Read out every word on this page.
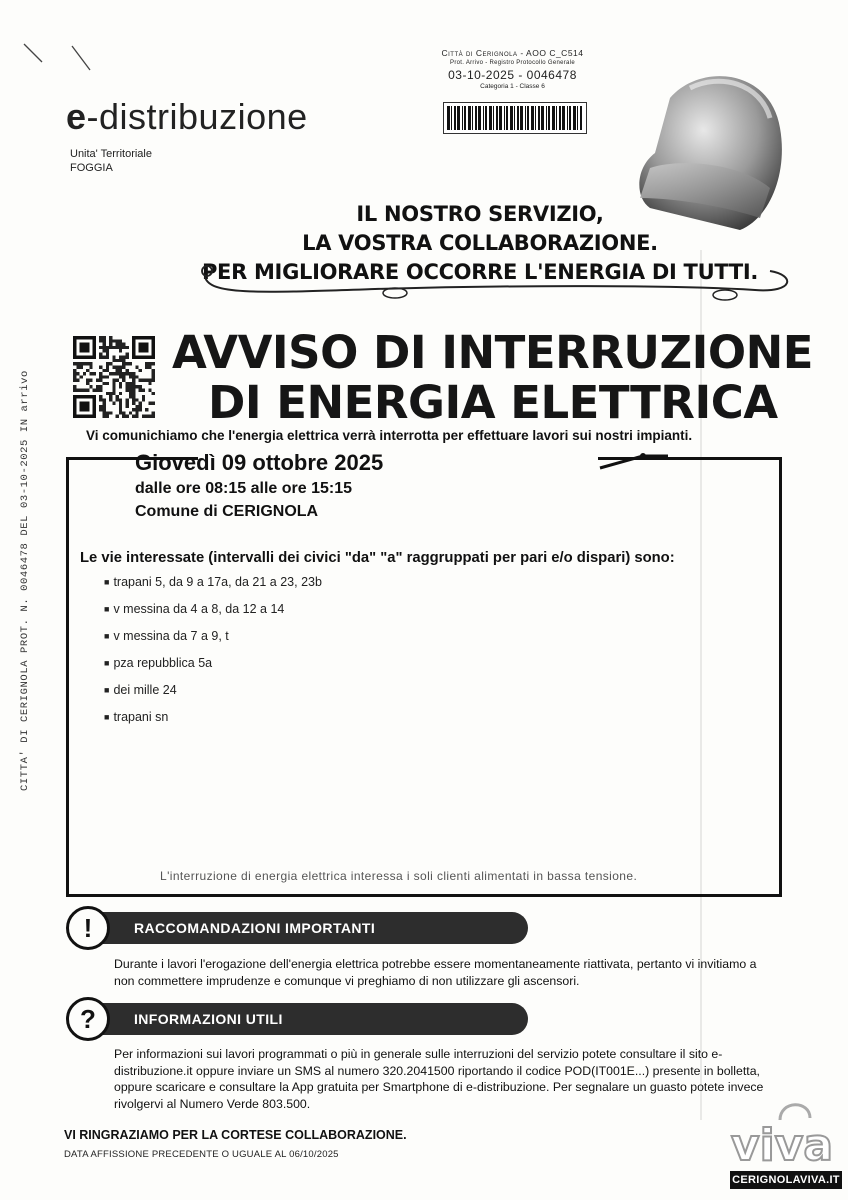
CITTA' DI CERIGNOLA PROT. N. 0046478 DEL 03-10-2025 IN arrivo
Città di Cerignola - AOO C_C514
Prot. Arrivo - Registro Protocollo Generale
03-10-2025 - 0046478
Categoria 1 - Classe 6
e-distribuzione
Unita' Territoriale
FOGGIA
IL NOSTRO SERVIZIO,
LA VOSTRA COLLABORAZIONE.
PER MIGLIORARE OCCORRE L'ENERGIA DI TUTTI.
AVVISO DI INTERRUZIONE
DI ENERGIA ELETTRICA
Vi comunichiamo che l'energia elettrica verrà interrotta per effettuare lavori sui nostri impianti.
Giovedì 09 ottobre 2025
dalle ore 08:15 alle ore 15:15
Comune di CERIGNOLA
Le vie interessate (intervalli dei civici "da" "a" raggruppati per pari e/o dispari) sono:
■ trapani 5, da 9 a 17a, da 21 a 23, 23b
■ v messina da 4 a 8, da 12 a 14
■ v messina da 7 a 9, t
■ pza repubblica 5a
■ dei mille 24
■ trapani sn
L'interruzione di energia elettrica interessa i soli clienti alimentati in bassa tensione.
RACCOMANDAZIONI IMPORTANTI
!
Durante i lavori l'erogazione dell'energia elettrica potrebbe essere momentaneamente riattivata, pertanto vi invitiamo a non commettere imprudenze e comunque vi preghiamo di non utilizzare gli ascensori.
INFORMAZIONI UTILI
?
Per informazioni sui lavori programmati o più in generale sulle interruzioni del servizio potete consultare il sito e-distribuzione.it oppure inviare un SMS al numero 320.2041500 riportando il codice POD(IT001E...) presente in bolletta, oppure scaricare e consultare la App gratuita per Smartphone di e-distribuzione. Per segnalare un guasto potete invece rivolgervi al Numero Verde 803.500.
VI RINGRAZIAMO PER LA CORTESE COLLABORAZIONE.
DATA AFFISSIONE PRECEDENTE O UGUALE AL 06/10/2025	viva
CERIGNOLAVIVA.IT
